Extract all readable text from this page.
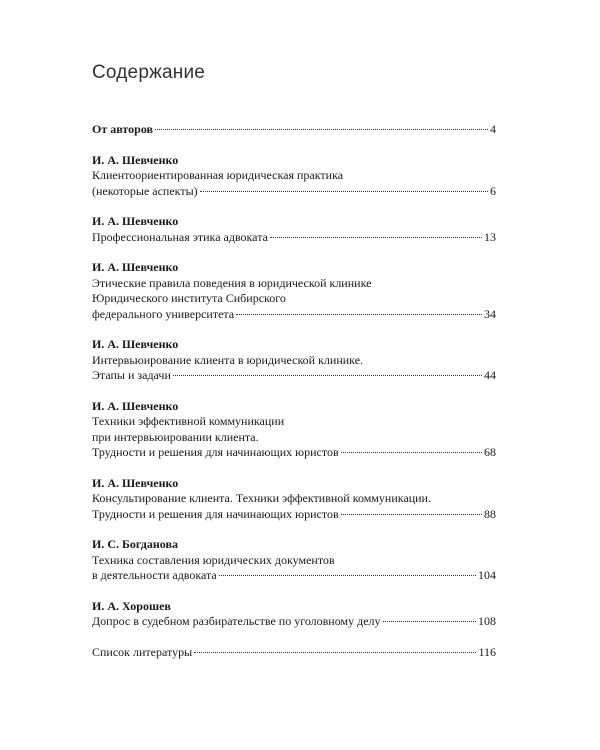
Содержание
От авторов	4
И. А. Шевченко
Клиентоориентированная юридическая практика
(некоторые аспекты)	6
И. А. Шевченко
Профессиональная этика адвоката	13
И. А. Шевченко
Этические правила поведения в юридической клинике
Юридического института Сибирского
федерального университета	34
И. А. Шевченко
Интервьюирование клиента в юридической клинике.
Этапы и задачи	44
И. А. Шевченко
Техники эффективной коммуникации
при интервьюировании клиента.
Трудности и решения для начинающих юристов	68
И. А. Шевченко
Консультирование клиента. Техники эффективной коммуникации.
Трудности и решения для начинающих юристов	88
И. С. Богданова
Техника составления юридических документов
в деятельности адвоката	104
И. А. Хорошев
Допрос в судебном разбирательстве по уголовному делу	108
Список литературы	116
